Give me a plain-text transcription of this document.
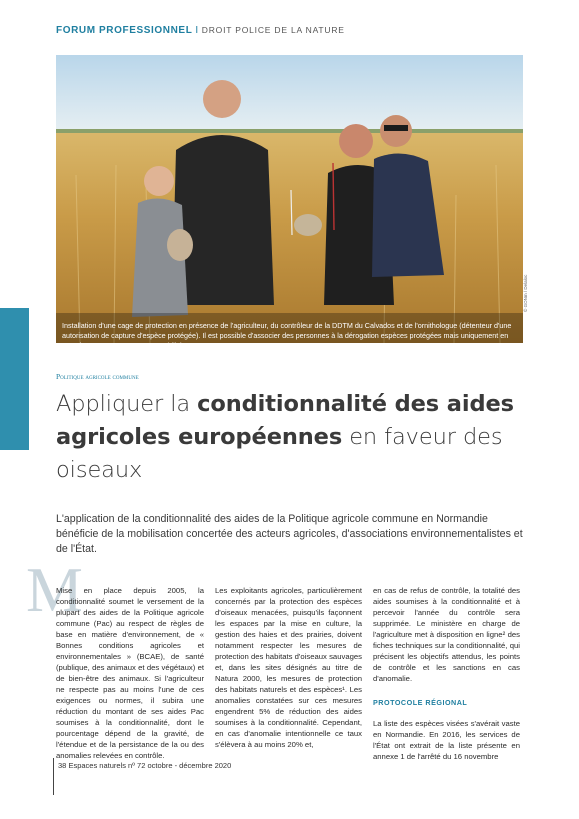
FORUM PROFESSIONNEL I DROIT POLICE DE LA NATURE
Installation d'une cage de protection en présence de l'agriculteur, du contrôleur de la DDTM du Calvados et de l'ornithologue (détenteur d'une autorisation de capture d'espèce protégée). Il est possible d'associer des personnes à la dérogation espèces protégées mais uniquement en sa présence et sous sa responsabilité.
© GONm / Delaloc
Politique agricole commune
Appliquer la conditionnalité des aides agricoles européennes en faveur des oiseaux

L'application de la conditionnalité des aides de la Politique agricole commune en Normandie bénéficie de la mobilisation concertée des acteurs agricoles, d'associations environnementalistes et de l'État.

M

Mise en place depuis 2005, la conditionnalité soumet le versement de la plupart des aides de la Politique agricole commune (Pac) au respect de règles de base en matière d'environnement, de « Bonnes conditions agricoles et environnementales » (BCAE), de santé (publique, des animaux et des végétaux) et de bien-être des animaux. Si l'agriculteur ne respecte pas au moins l'une de ces exigences ou normes, il subira une réduction du montant de ses aides Pac soumises à la conditionnalité, dont le pourcentage dépend de la gravité, de l'étendue et de la persistance de la ou des anomalies relevées en contrôle.

Les exploitants agricoles, particulièrement concernés par la protection des espèces d'oiseaux menacées, puisqu'ils façonnent les espaces par la mise en culture, la gestion des haies et des prairies, doivent notamment respecter les mesures de protection des habitats d'oiseaux sauvages et, dans les sites désignés au titre de Natura 2000, les mesures de protection des habitats naturels et des espèces¹. Les anomalies constatées sur ces mesures engendrent 5% de réduction des aides soumises à la conditionnalité. Cependant, en cas d'anomalie intentionnelle ce taux s'élèvera à au moins 20% et,

en cas de refus de contrôle, la totalité des aides soumises à la conditionnalité et à percevoir l'année du contrôle sera supprimée. Le ministère en charge de l'agriculture met à disposition en ligne² des fiches techniques sur la conditionnalité, qui précisent les objectifs attendus, les points de contrôle et les sanctions en cas d'anomalie.

PROTOCOLE RÉGIONAL

La liste des espèces visées s'avérait vaste en Normandie. En 2016, les services de l'État ont extrait de la liste présente en annexe 1 de l'arrêté du 16 novembre

38 Espaces naturels nº 72 octobre - décembre 2020
